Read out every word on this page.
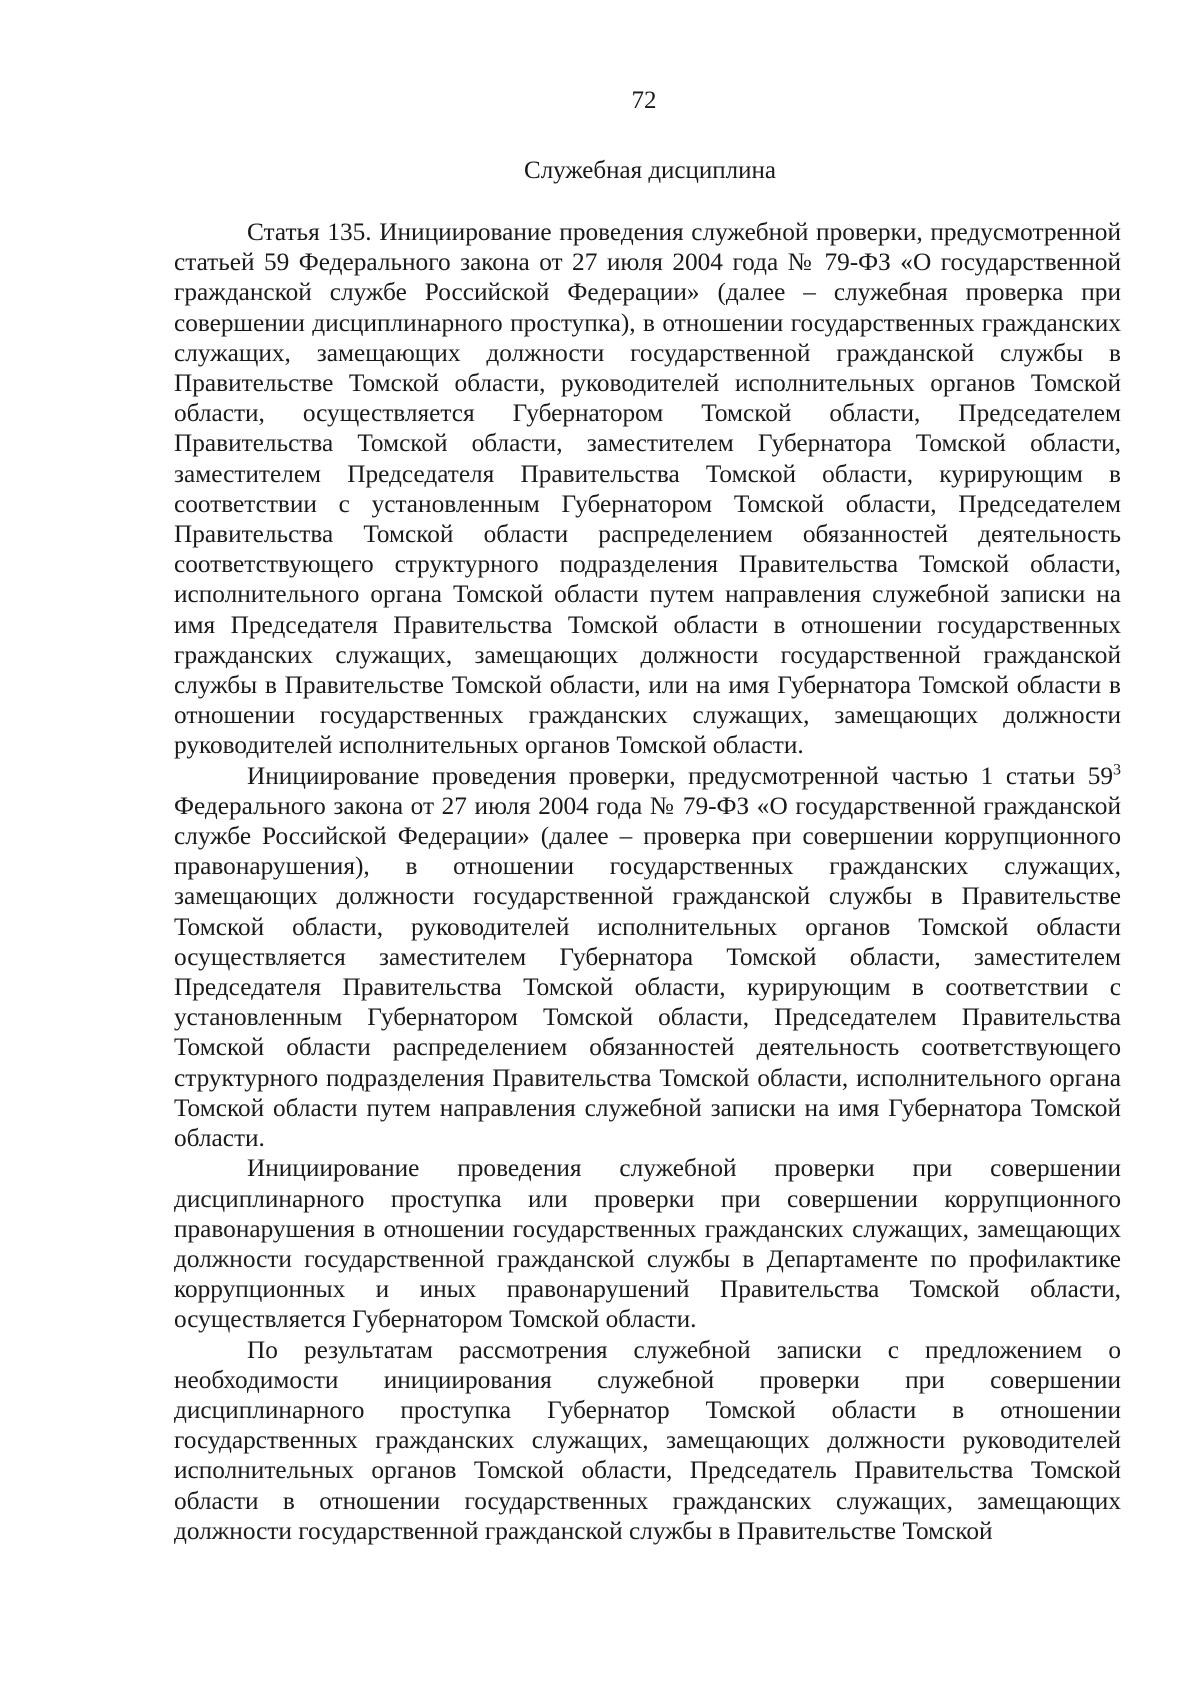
72
Служебная дисциплина

Статья 135. Инициирование проведения служебной проверки, предусмотренной статьей 59 Федерального закона от 27 июля 2004 года № 79-ФЗ «О государственной гражданской службе Российской Федерации» (далее – служебная проверка при совершении дисциплинарного проступка), в отношении государственных гражданских служащих, замещающих должности государственной гражданской службы в Правительстве Томской области, руководителей исполнительных органов Томской области, осуществляется Губернатором Томской области, Председателем Правительства Томской области, заместителем Губернатора Томской области, заместителем Председателя Правительства Томской области, курирующим в соответствии с установленным Губернатором Томской области, Председателем Правительства Томской области распределением обязанностей деятельность соответствующего структурного подразделения Правительства Томской области, исполнительного органа Томской области путем направления служебной записки на имя Председателя Правительства Томской области в отношении государственных гражданских служащих, замещающих должности государственной гражданской службы в Правительстве Томской области, или на имя Губернатора Томской области в отношении государственных гражданских служащих, замещающих должности руководителей исполнительных органов Томской области.

Инициирование проведения проверки, предусмотренной частью 1 статьи $59^3$ Федерального закона от 27 июля 2004 года № 79-ФЗ «О государственной гражданской службе Российской Федерации» (далее – проверка при совершении коррупционного правонарушения), в отношении государственных гражданских служащих, замещающих должности государственной гражданской службы в Правительстве Томской области, руководителей исполнительных органов Томской области осуществляется заместителем Губернатора Томской области, заместителем Председателя Правительства Томской области, курирующим в соответствии с установленным Губернатором Томской области, Председателем Правительства Томской области распределением обязанностей деятельность соответствующего структурного подразделения Правительства Томской области, исполнительного органа Томской области путем направления служебной записки на имя Губернатора Томской области.

Инициирование проведения служебной проверки при совершении дисциплинарного проступка или проверки при совершении коррупционного правонарушения в отношении государственных гражданских служащих, замещающих должности государственной гражданской службы в Департаменте по профилактике коррупционных и иных правонарушений Правительства Томской области, осуществляется Губернатором Томской области.

По результатам рассмотрения служебной записки с предложением о необходимости инициирования служебной проверки при совершении дисциплинарного проступка Губернатор Томской области в отношении государственных гражданских служащих, замещающих должности руководителей исполнительных органов Томской области, Председатель Правительства Томской области в отношении государственных гражданских служащих, замещающих должности государственной гражданской службы в Правительстве Томской
